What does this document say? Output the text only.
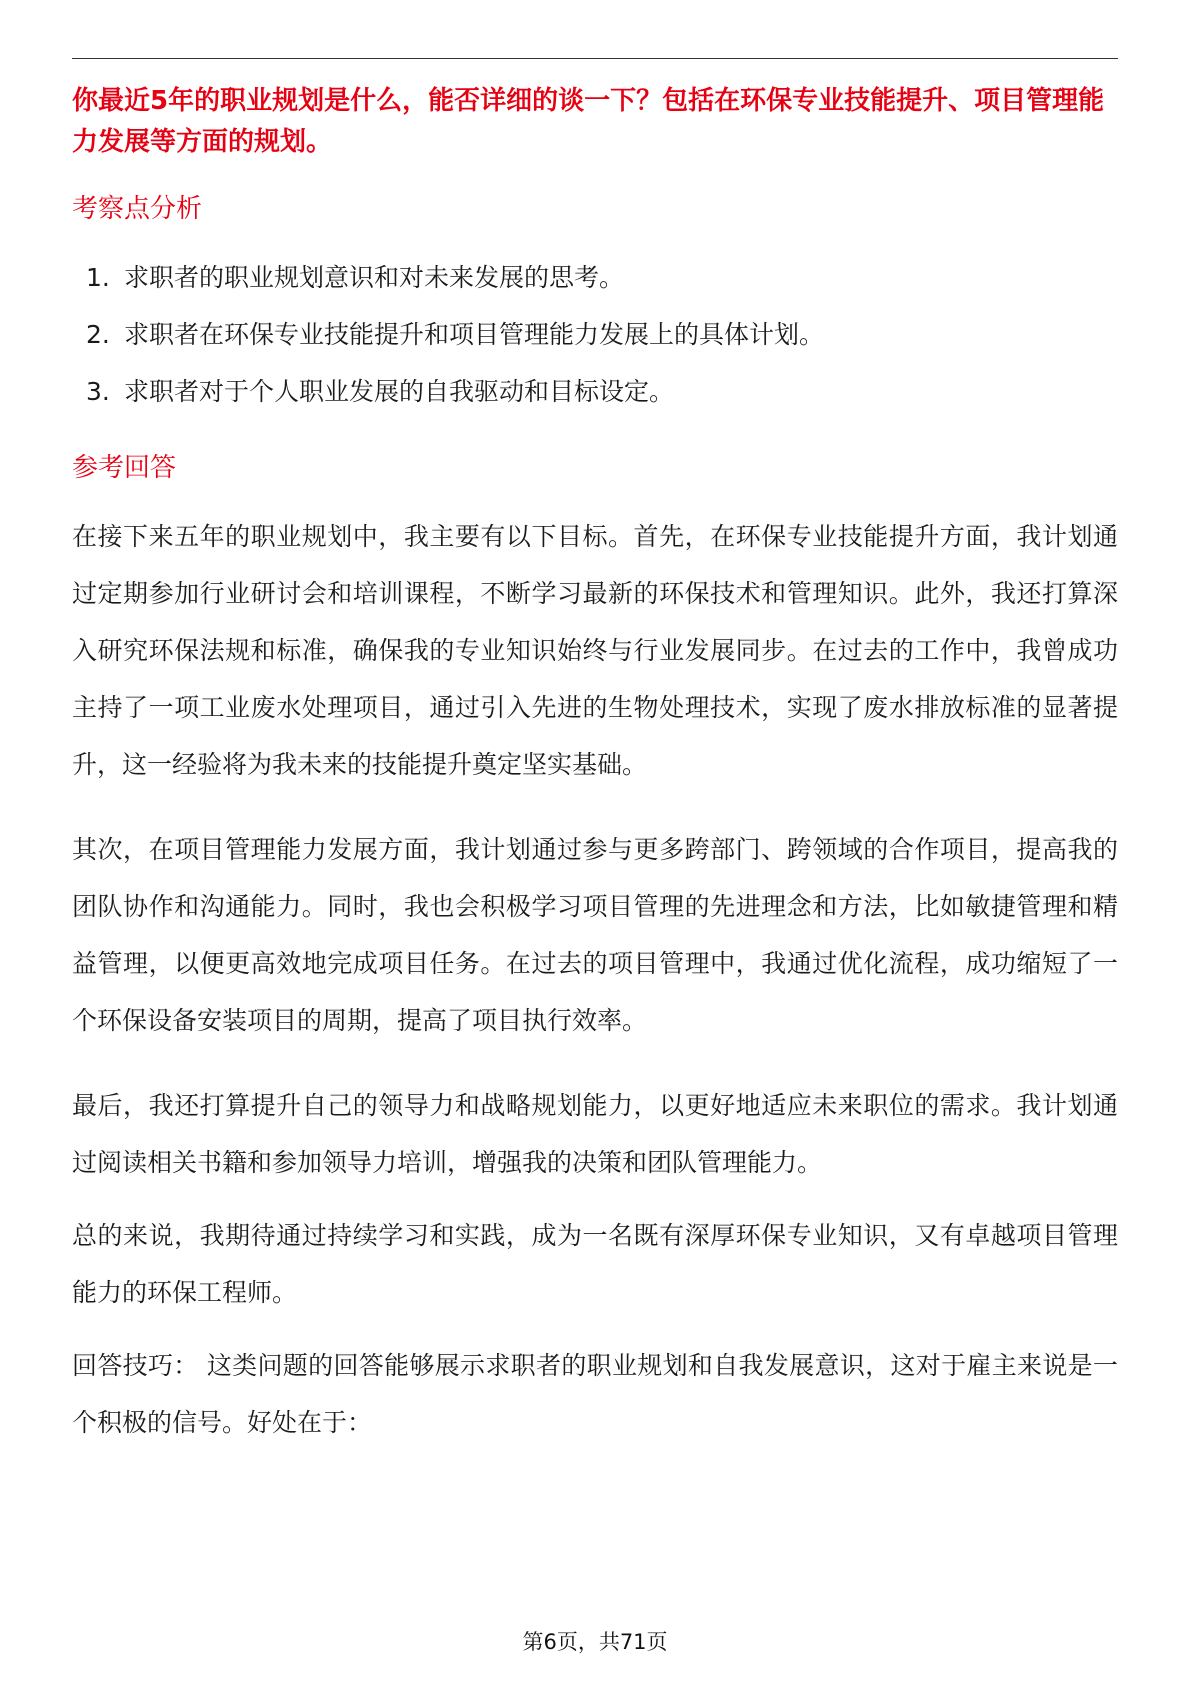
你最近5年的职业规划是什么，能否详细的谈一下？包括在环保专业技能提升、项目管理能力发展等方面的规划。
考察点分析
1. 求职者的职业规划意识和对未来发展的思考。
2. 求职者在环保专业技能提升和项目管理能力发展上的具体计划。
3. 求职者对于个人职业发展的自我驱动和目标设定。
参考回答

在接下来五年的职业规划中，我主要有以下目标。首先，在环保专业技能提升方面，我计划通过定期参加行业研讨会和培训课程，不断学习最新的环保技术和管理知识。此外，我还打算深入研究环保法规和标准，确保我的专业知识始终与行业发展同步。在过去的工作中，我曾成功主持了一项工业废水处理项目，通过引入先进的生物处理技术，实现了废水排放标准的显著提升，这一经验将为我未来的技能提升奠定坚实基础。

其次，在项目管理能力发展方面，我计划通过参与更多跨部门、跨领域的合作项目，提高我的团队协作和沟通能力。同时，我也会积极学习项目管理的先进理念和方法，比如敏捷管理和精益管理，以便更高效地完成项目任务。在过去的项目管理中，我通过优化流程，成功缩短了一个环保设备安装项目的周期，提高了项目执行效率。

最后，我还打算提升自己的领导力和战略规划能力，以更好地适应未来职位的需求。我计划通过阅读相关书籍和参加领导力培训，增强我的决策和团队管理能力。

总的来说，我期待通过持续学习和实践，成为一名既有深厚环保专业知识，又有卓越项目管理能力的环保工程师。

回答技巧： 这类问题的回答能够展示求职者的职业规划和自我发展意识，这对于雇主来说是一个积极的信号。好处在于：

第6页，共71页
